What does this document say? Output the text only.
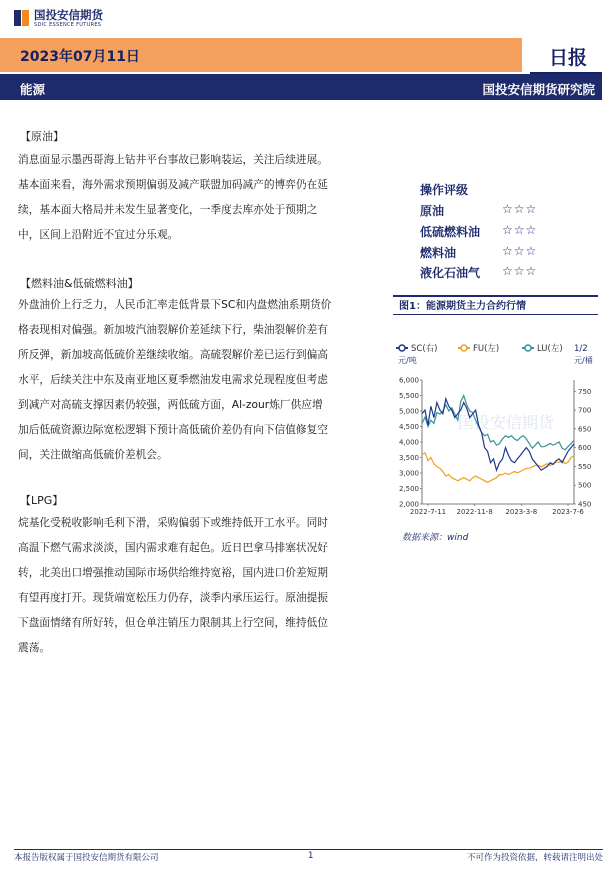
国投安信期货
SDIC ESSENCE FUTURES
2023年07月11日	日报
能源	国投安信期货研究院
【原油】
消息面显示墨西哥海上钻井平台事故已影响装运，关注后续进展。
基本面来看，海外需求预期偏弱及减产联盟加码减产的博弈仍在延
续，基本面大格局并未发生显著变化，一季度去库亦处于预期之
中，区间上沿附近不宜过分乐观。
【燃料油&低硫燃料油】
外盘油价上行乏力，人民币汇率走低背景下SC和内盘燃油系期货价
格表现相对偏强。新加坡汽油裂解价差延续下行，柴油裂解价差有
所反弹，新加坡高低硫价差继续收缩。高硫裂解价差已运行到偏高
水平，后续关注中东及南亚地区夏季燃油发电需求兑现程度但考虑
到减产对高硫支撑因素仍较强，两低硫方面，Al-zour炼厂供应增
加后低硫资源边际宽松逻辑下预计高低硫价差仍有向下信值修复空
间，关注做缩高低硫价差机会。
【LPG】
烷基化受税收影响毛利下滑，采购偏弱下或维持低开工水平。同时
高温下燃气需求淡淡，国内需求难有起色。近日巴拿马排塞状况好
转，北美出口增强推动国际市场供给维持宽裕，国内进口价差短期
有望再度打开。现货端宽松压力仍存，淡季内承压运行。原油提振
下盘面情绪有所好转，但仓单注销压力限制其上行空间，维持低位
震荡。
操作评级
原油	☆☆☆
低硫燃料油	☆☆☆
燃料油	☆☆☆
液化石油气	☆☆☆
图1：能源期货主力合约行情
SC(右)	FU(左)	LU(左) 1/2
元/吨	元/桶
国投安信期货
2,000
2,500
3,000
3,500
4,000
4,500
5,000
5,500
6,000
450
500
550
600
650
700
750
2022-7-11 2022-11-8 2023-3-8 2023-7-6
数据来源：wind
本报告版权属于国投安信期货有限公司	1	不可作为投资依据，转载请注明出处
